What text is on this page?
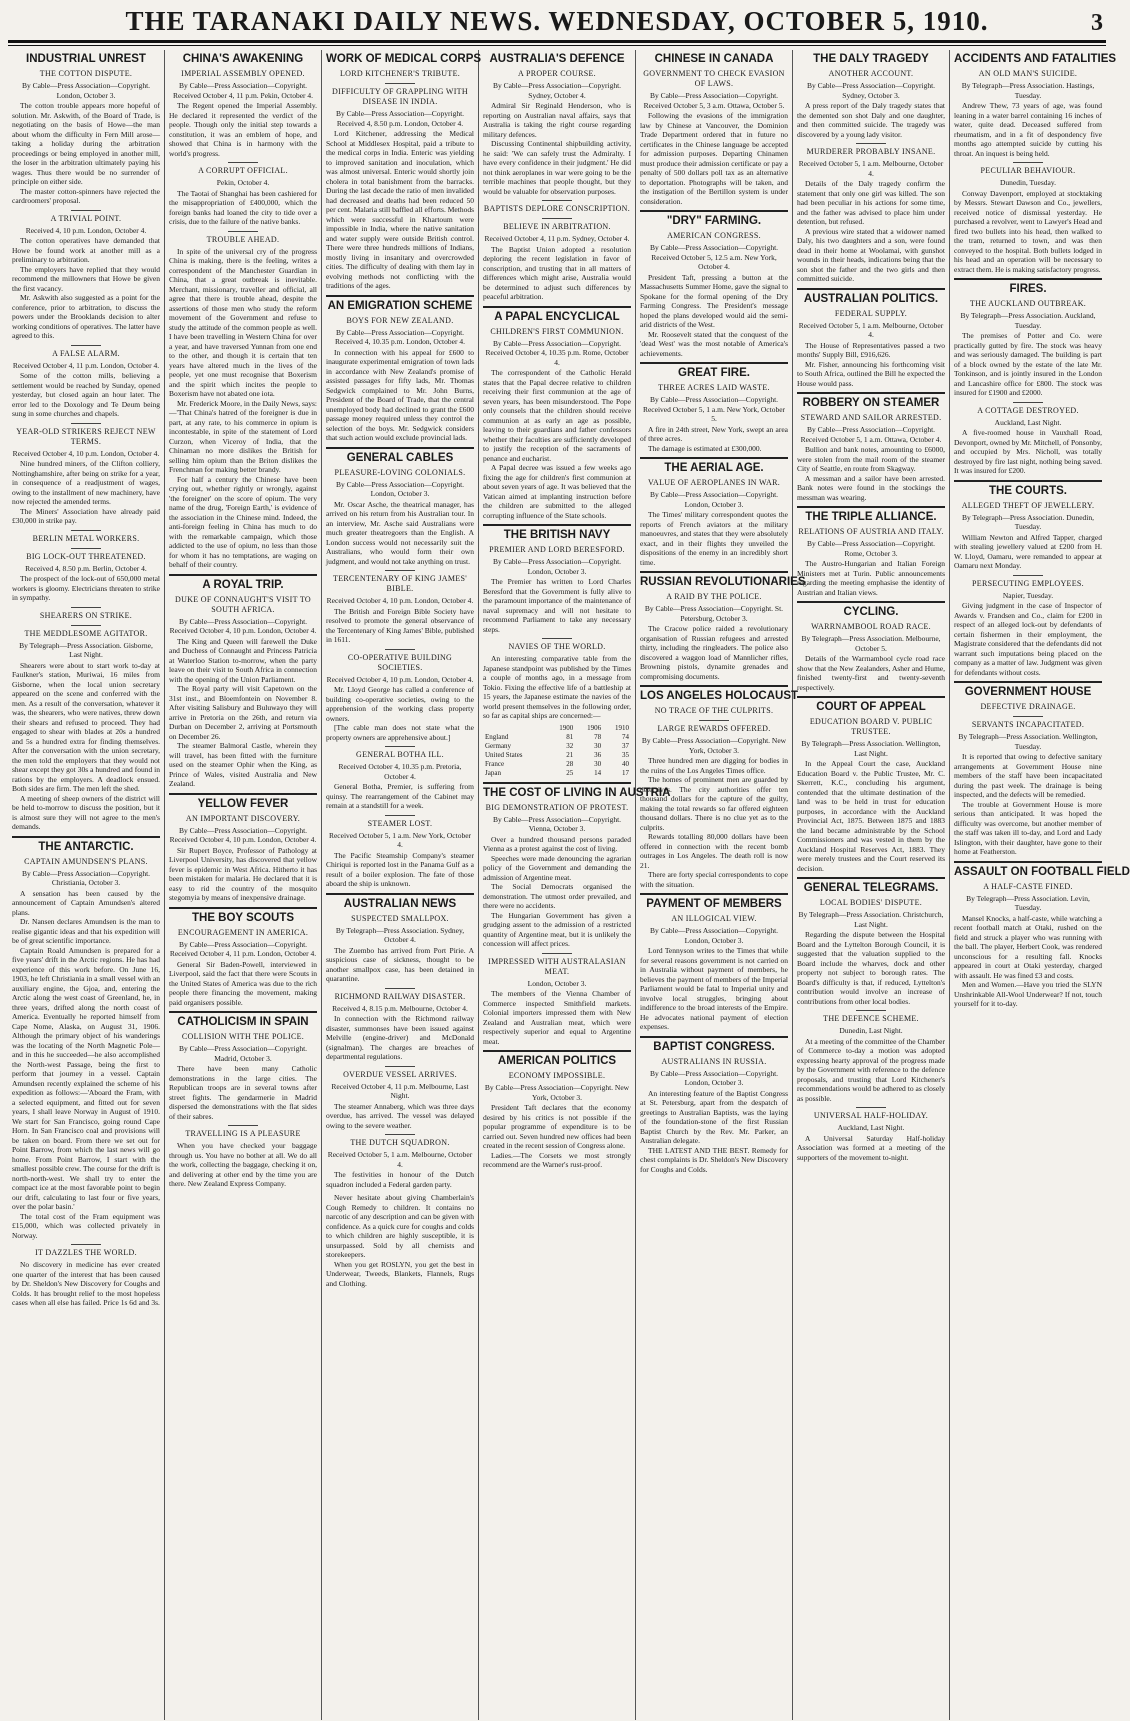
THE TARANAKI DAILY NEWS. WEDNESDAY, OCTOBER 5, 1910.	3
INDUSTRIAL UNREST
THE COTTON DISPUTE.
By Cable—Press Association—Copyright. London, October 3.

The cotton trouble appears more hopeful of solution. Mr. Askwith, of the Board of Trade, is negotiating on the basis of Howe—the man about whom the difficulty in Fern Mill arose—taking a holiday during the arbitration proceedings or being employed in another mill, the loser in the arbitration ultimately paying his wages. Thus there would be no surrender of principle on either side.

The master cotton-spinners have rejected the cardroomers' proposal.

A TRIVIAL POINT.
Received 4, 10 p.m. London, October 4.

The cotton operatives have demanded that Howe be found work at another mill as a preliminary to arbitration.

The employers have replied that they would recommend the millowners that Howe be given the first vacancy.

Mr. Askwith also suggested as a point for the conference, prior to arbitration, to discuss the powers under the Brooklands decision to alter working conditions of operatives. The latter have agreed to this.

A FALSE ALARM.
Received October 4, 11 p.m. London, October 4.

Some of the cotton mills, believing a settlement would be reached by Sunday, opened yesterday, but closed again an hour later. The error led to the Doxology and Te Deum being sung in some churches and chapels.

YEAR-OLD STRIKERS REJECT NEW TERMS.
Received October 4, 10 p.m. London, October 4.

Nine hundred miners, of the Clifton colliery, Nottinghamshire, after being on strike for a year, in consequence of a readjustment of wages, owing to the installment of new machinery, have now rejected the amended terms.

The Miners' Association have already paid £30,000 in strike pay.

BERLIN METAL WORKERS.
BIG LOCK-OUT THREATENED.
Received 4, 8.50 p.m. Berlin, October 4.

The prospect of the lock-out of 650,000 metal workers is gloomy. Electricians threaten to strike in sympathy.

SHEARERS ON STRIKE.
THE MEDDLESOME AGITATOR.
By Telegraph—Press Association. Gisborne, Last Night.

Shearers were about to start work to-day at Faulkner's station, Muriwai, 16 miles from Gisborne, when the local union secretary appeared on the scene and conferred with the men. As a result of the conversation, whatever it was, the shearers, who were natives, threw down their shears and refused to proceed. They had engaged to shear with blades at 20s a hundred and 5s a hundred extra for finding themselves. After the conversation with the union secretary, the men told the employers that they would not shear except they got 30s a hundred and found in rations by the employers. A deadlock ensued. Both sides are firm. The men left the shed.

A meeting of sheep owners of the district will be held to-morrow to discuss the position, but it is almost sure they will not agree to the men's demands.

THE ANTARCTIC.
CAPTAIN AMUNDSEN'S PLANS.
By Cable—Press Association—Copyright. Christiania, October 3.

A sensation has been caused by the announcement of Captain Amundsen's altered plans.

Dr. Nansen declares Amundsen is the man to realise gigantic ideas and that his expedition will be of great scientific importance.

Captain Roald Amundsen is prepared for a five years' drift in the Arctic regions. He has had experience of this work before. On June 16, 1903, he left Christiania in a small vessel with an auxiliary engine, the Gjoa, and, entering the Arctic along the west coast of Greenland, he, in three years, drifted along the north coast of America. Eventually he reported himself from Cape Nome, Alaska, on August 31, 1906. Although the primary object of his wanderings was the locating of the North Magnetic Pole—and in this he succeeded—he also accomplished the North-west Passage, being the first to perform that journey in a vessel. Captain Amundsen recently explained the scheme of his expedition as follows:—'Aboard the Fram, with a selected equipment, and fitted out for seven years, I shall leave Norway in August of 1910. We start for San Francisco, going round Cape Horn. In San Francisco coal and provisions will be taken on board. From there we set out for Point Barrow, from which the last news will go home. From Point Barrow, I start with the smallest possible crew. The course for the drift is north-north-west. We shall try to enter the compact ice at the most favorable point to begin our drift, calculating to last four or five years, over the polar basin.'

The total cost of the Fram equipment was £15,000, which was collected privately in Norway.

IT DAZZLES THE WORLD.

No discovery in medicine has ever created one quarter of the interest that has been caused by Dr. Sheldon's New Discovery for Coughs and Colds. It has brought relief to the most hopeless cases when all else has failed. Price 1s 6d and 3s.

CHINA'S AWAKENING
IMPERIAL ASSEMBLY OPENED.
By Cable—Press Association—Copyright. Received October 4, 11 p.m. Pekin, October 4.

The Regent opened the Imperial Assembly. He declared it represented the verdict of the people. Though only the initial step towards a constitution, it was an emblem of hope, and showed that China is in harmony with the world's progress.

A CORRUPT OFFICIAL.
Pekin, October 4.

The Taotai of Shanghai has been cashiered for the misappropriation of £400,000, which the foreign banks had loaned the city to tide over a crisis, due to the failure of the native banks.

TROUBLE AHEAD.

In spite of the universal cry of the progress China is making, there is the feeling, writes a correspondent of the Manchester Guardian in China, that a great outbreak is inevitable. Merchant, missionary, traveller and official, all agree that there is trouble ahead, despite the assertions of those men who study the reform movement of the Government and refuse to study the attitude of the common people as well. I have been travelling in Western China for over a year, and have traversed Yunnan from one end to the other, and though it is certain that ten years have altered much in the lives of the people, yet one must recognise that Boxerism and the spirit which incites the people to Boxerism have not abated one iota.

Mr. Frederick Moore, in the Daily News, says:—'That China's hatred of the foreigner is due in part, at any rate, to his commerce in opium is incontestable, in spite of the statement of Lord Curzon, when Viceroy of India, that the Chinaman no more dislikes the British for selling him opium than the Briton dislikes the Frenchman for making better brandy.

For half a century the Chinese have been crying out, whether rightly or wrongly, against 'the foreigner' on the score of opium. The very name of the drug, 'Foreign Earth,' is evidence of the association in the Chinese mind. Indeed, the anti-foreign feeling in China has much to do with the remarkable campaign, which those addicted to the use of opium, no less than those for whom it has no temptations, are waging on behalf of their country.

A ROYAL TRIP.
DUKE OF CONNAUGHT'S VISIT TO SOUTH AFRICA.
By Cable—Press Association—Copyright. Received October 4, 10 p.m. London, October 4.

The King and Queen will farewell the Duke and Duchess of Connaught and Princess Patricia at Waterloo Station to-morrow, when the party leave on their visit to South Africa in connection with the opening of the Union Parliament.

The Royal party will visit Capetown on the 31st inst., and Bloemfontein on November 8. After visiting Salisbury and Buluwayo they will arrive in Pretoria on the 26th, and return via Durban on December 2, arriving at Portsmouth on December 26.

The steamer Balmoral Castle, wherein they will travel, has been fitted with the furniture used on the steamer Ophir when the King, as Prince of Wales, visited Australia and New Zealand.

YELLOW FEVER
AN IMPORTANT DISCOVERY.
By Cable—Press Association—Copyright. Received October 4, 10 p.m. London, October 4.

Sir Rupert Boyce, Professor of Pathology at Liverpool University, has discovered that yellow fever is epidemic in West Africa. Hitherto it has been mistaken for malaria. He declared that it is easy to rid the country of the mosquito stegomyia by means of inexpensive drainage.

THE BOY SCOUTS
ENCOURAGEMENT IN AMERICA.
By Cable—Press Association—Copyright. Received October 4, 11 p.m. London, October 4.

General Sir Baden-Powell, interviewed in Liverpool, said the fact that there were Scouts in the United States of America was due to the rich people there financing the movement, making paid organisers possible.

CATHOLICISM IN SPAIN
COLLISION WITH THE POLICE.
By Cable—Press Association—Copyright. Madrid, October 3.

There have been many Catholic demonstrations in the large cities. The Republican troops are in several towns after street fights. The gendarmerie in Madrid dispersed the demonstrations with the flat sides of their sabres.

TRAVELLING IS A PLEASURE

When you have checked your baggage through us. You have no bother at all. We do all the work, collecting the baggage, checking it on, and delivering at other end by the time you are there. New Zealand Express Company.

WORK OF MEDICAL CORPS
LORD KITCHENER'S TRIBUTE.
DIFFICULTY OF GRAPPLING WITH DISEASE IN INDIA.
By Cable—Press Association—Copyright. Received 4, 8.50 p.m. London, October 4.

Lord Kitchener, addressing the Medical School at Middlesex Hospital, paid a tribute to the medical corps in India. Enteric was yielding to improved sanitation and inoculation, which was almost universal. Enteric would shortly join cholera in total banishment from the barracks. During the last decade the ratio of men invalided had decreased and deaths had been reduced 50 per cent. Malaria still baffled all efforts. Methods which were successful in Khartoum were impossible in India, where the native sanitation and water supply were outside British control. There were three hundreds millions of Indians, mostly living in insanitary and overcrowded cities. The difficulty of dealing with them lay in evolving methods not conflicting with the traditions of the ages.

AN EMIGRATION SCHEME
BOYS FOR NEW ZEALAND.
By Cable—Press Association—Copyright. Received 4, 10.35 p.m. London, October 4.

In connection with his appeal for £600 to inaugurate experimental emigration of town lads in accordance with New Zealand's promise of assisted passages for fifty lads, Mr. Thomas Sedgwick complained to Mr. John Burns, President of the Board of Trade, that the central unemployed body had declined to grant the £600 passage money required unless they control the selection of the boys. Mr. Sedgwick considers that such action would exclude provincial lads.

GENERAL CABLES
PLEASURE-LOVING COLONIALS.
By Cable—Press Association—Copyright. London, October 3.

Mr. Oscar Asche, the theatrical manager, has arrived on his return from his Australian tour. In an interview, Mr. Asche said Australians were much greater theatregoers than the English. A London success would not necessarily suit the Australians, who would form their own judgment, and would not take anything on trust.

TERCENTENARY OF KING JAMES' BIBLE.
Received October 4, 10 p.m. London, October 4.

The British and Foreign Bible Society have resolved to promote the general observance of the Tercentenary of King James' Bible, published in 1611.

CO-OPERATIVE BUILDING SOCIETIES.
Received October 4, 10 p.m. London, October 4.

Mr. Lloyd George has called a conference of building co-operative societies, owing to the apprehension of the working class property owners.

[The cable man does not state what the property owners are apprehensive about.]

GENERAL BOTHA ILL.
Received October 4, 10.35 p.m. Pretoria, October 4.

General Botha, Premier, is suffering from quinsy. The rearrangement of the Cabinet may remain at a standstill for a week.

STEAMER LOST.
Received October 5, 1 a.m. New York, October 4.

The Pacific Steamship Company's steamer Chiriqui is reported lost in the Panama Gulf as a result of a boiler explosion. The fate of those aboard the ship is unknown.

AUSTRALIAN NEWS
SUSPECTED SMALLPOX.
By Telegraph—Press Association. Sydney, October 4.

The Zuembo has arrived from Port Pirie. A suspicious case of sickness, thought to be another smallpox case, has been detained in quarantine.

RICHMOND RAILWAY DISASTER.
Received 4, 8.15 p.m. Melbourne, October 4.

In connection with the Richmond railway disaster, summonses have been issued against Melville (engine-driver) and McDonald (signalman). The charges are breaches of departmental regulations.

OVERDUE VESSEL ARRIVES.
Received October 4, 11 p.m. Melbourne, Last Night.

The steamer Annaberg, which was three days overdue, has arrived. The vessel was delayed owing to the severe weather.

THE DUTCH SQUADRON.
Received October 5, 1 a.m. Melbourne, October 4.

The festivities in honour of the Dutch squadron included a Federal garden party.

Never hesitate about giving Chamberlain's Cough Remedy to children. It contains no narcotic of any description and can be given with confidence. As a quick cure for coughs and colds to which children are highly susceptible, it is unsurpassed. Sold by all chemists and storekeepers.

When you get ROSLYN, you get the best in Underwear, Tweeds, Blankets, Flannels, Rugs and Clothing.

AUSTRALIA'S DEFENCE
A PROPER COURSE.
By Cable—Press Association—Copyright. Sydney, October 4.

Admiral Sir Reginald Henderson, who is reporting on Australian naval affairs, says that Australia is taking the right course regarding military defences.

Discussing Continental shipbuilding activity, he said: 'We can safely trust the Admiralty. I have every confidence in their judgment.' He did not think aeroplanes in war were going to be the terrible machines that people thought, but they would be valuable for observation purposes.

BAPTISTS DEPLORE CONSCRIPTION.
BELIEVE IN ARBITRATION.
Received October 4, 11 p.m. Sydney, October 4.

The Baptist Union adopted a resolution deploring the recent legislation in favor of conscription, and trusting that in all matters of differences which might arise, Australia would be determined to adjust such differences by peaceful arbitration.

A PAPAL ENCYCLICAL
CHILDREN'S FIRST COMMUNION.
By Cable—Press Association—Copyright. Received October 4, 10.35 p.m. Rome, October 4.

The correspondent of the Catholic Herald states that the Papal decree relative to children receiving their first communion at the age of seven years, has been misunderstood. The Pope only counsels that the children should receive communion at as early an age as possible, leaving to their guardians and father confessors whether their faculties are sufficiently developed to justify the reception of the sacraments of penance and eucharist.

A Papal decree was issued a few weeks ago fixing the age for children's first communion at about seven years of age. It was believed that the Vatican aimed at implanting instruction before the children are submitted to the alleged corrupting influence of the State schools.

THE BRITISH NAVY
PREMIER AND LORD BERESFORD.
By Cable—Press Association—Copyright. London, October 3.

The Premier has written to Lord Charles Beresford that the Government is fully alive to the paramount importance of the maintenance of naval supremacy and will not hesitate to recommend Parliament to take any necessary steps.

NAVIES OF THE WORLD.

An interesting comparative table from the Japanese standpoint was published by the Times a couple of months ago, in a message from Tokio. Fixing the effective life of a battleship at 15 years, the Japanese estimate the navies of the world present themselves in the following order, so far as capital ships are concerned:—

	1900	1906	1910
England	81	78	74
Germany	32	30	37
United States	21	36	35
France	28	30	40
Japan	25	14	17
THE COST OF LIVING IN AUSTRIA
BIG DEMONSTRATION OF PROTEST.
By Cable—Press Association—Copyright. Vienna, October 3.

Over a hundred thousand persons paraded Vienna as a protest against the cost of living.

Speeches were made denouncing the agrarian policy of the Government and demanding the admission of Argentine meat.

The Social Democrats organised the demonstration. The utmost order prevailed, and there were no accidents.

The Hungarian Government has given a grudging assent to the admission of a restricted quantity of Argentine meat, but it is unlikely the concession will affect prices.

IMPRESSED WITH AUSTRALASIAN MEAT.
London, October 3.

The members of the Vienna Chamber of Commerce inspected Smithfield markets. Colonial importers impressed them with New Zealand and Australian meat, which were respectively superior and equal to Argentine meat.

AMERICAN POLITICS
ECONOMY IMPOSSIBLE.
By Cable—Press Association—Copyright. New York, October 3.

President Taft declares that the economy desired by his critics is not possible if the popular programme of expenditure is to be carried out. Seven hundred new offices had been created in the recent session of Congress alone.

Ladies.—The Corsets we most strongly recommend are the Warner's rust-proof.

CHINESE IN CANADA
GOVERNMENT TO CHECK EVASION OF LAWS.
By Cable—Press Association—Copyright. Received October 5, 3 a.m. Ottawa, October 5.

Following the evasions of the immigration law by Chinese at Vancouver, the Dominion Trade Department ordered that in future no certificates in the Chinese language be accepted for admission purposes. Departing Chinamen must produce their admission certificate or pay a penalty of 500 dollars poll tax as an alternative to deportation. Photographs will be taken, and the instigation of the Bertillon system is under consideration.

"DRY" FARMING.
AMERICAN CONGRESS.
By Cable—Press Association—Copyright. Received October 5, 12.5 a.m. New York, October 4.

President Taft, pressing a button at the Massachusetts Summer Home, gave the signal to Spokane for the formal opening of the Dry Farming Congress. The President's message hoped the plans developed would aid the semi-arid districts of the West.

Mr. Roosevelt stated that the conquest of the 'dead West' was the most notable of America's achievements.

GREAT FIRE.
THREE ACRES LAID WASTE.
By Cable—Press Association—Copyright. Received October 5, 1 a.m. New York, October 5.

A fire in 24th street, New York, swept an area of three acres.

The damage is estimated at £300,000.

THE AERIAL AGE.
VALUE OF AEROPLANES IN WAR.
By Cable—Press Association—Copyright. London, October 3.

The Times' military correspondent quotes the reports of French aviators at the military manoeuvres, and states that they were absolutely exact, and in their flights they unveiled the dispositions of the enemy in an incredibly short time.

RUSSIAN REVOLUTIONARIES
A RAID BY THE POLICE.
By Cable—Press Association—Copyright. St. Petersburg, October 3.

The Cracow police raided a revolutionary organisation of Russian refugees and arrested thirty, including the ringleaders. The police also discovered a waggon load of Mannlicher rifles, Browning pistols, dynamite grenades and compromising documents.

LOS ANGELES HOLOCAUST
NO TRACE OF THE CULPRITS.
LARGE REWARDS OFFERED.
By Cable—Press Association—Copyright. New York, October 3.

Three hundred men are digging for bodies in the ruins of the Los Angeles Times office.

The homes of prominent men are guarded by detectives. The city authorities offer ten thousand dollars for the capture of the guilty, making the total rewards so far offered eighteen thousand dollars. There is no clue yet as to the culprits.

Rewards totalling 80,000 dollars have been offered in connection with the recent bomb outrages in Los Angeles. The death roll is now 21.

There are forty special correspondents to cope with the situation.

PAYMENT OF MEMBERS
AN ILLOGICAL VIEW.
By Cable—Press Association—Copyright. London, October 3.

Lord Tennyson writes to the Times that while for several reasons government is not carried on in Australia without payment of members, he believes the payment of members of the Imperial Parliament would be fatal to Imperial unity and involve local struggles, bringing about indifference to the broad interests of the Empire. He advocates national payment of election expenses.

BAPTIST CONGRESS.
AUSTRALIANS IN RUSSIA.
By Cable—Press Association—Copyright. London, October 3.

An interesting feature of the Baptist Congress at St. Petersburg, apart from the despatch of greetings to Australian Baptists, was the laying of the foundation-stone of the first Russian Baptist Church by the Rev. Mr. Parker, an Australian delegate.

THE LATEST AND THE BEST. Remedy for chest complaints is Dr. Sheldon's New Discovery for Coughs and Colds.

THE DALY TRAGEDY
ANOTHER ACCOUNT.
By Cable—Press Association—Copyright. Sydney, October 3.

A press report of the Daly tragedy states that the demented son shot Daly and one daughter, and then committed suicide. The tragedy was discovered by a young lady visitor.

MURDERER PROBABLY INSANE.
Received October 5, 1 a.m. Melbourne, October 4.

Details of the Daly tragedy confirm the statement that only one girl was killed. The son had been peculiar in his actions for some time, and the father was advised to place him under detention, but refused.

A previous wire stated that a widower named Daly, his two daughters and a son, were found dead in their home at Woolamai, with gunshot wounds in their heads, indications being that the son shot the father and the two girls and then committed suicide.

AUSTRALIAN POLITICS.
FEDERAL SUPPLY.
Received October 5, 1 a.m. Melbourne, October 4.

The House of Representatives passed a two months' Supply Bill, £916,626.

Mr. Fisher, announcing his forthcoming visit to South Africa, outlined the Bill he expected the House would pass.

ROBBERY ON STEAMER
STEWARD AND SAILOR ARRESTED.
By Cable—Press Association—Copyright. Received October 5, 1 a.m. Ottawa, October 4.

Bullion and bank notes, amounting to £6000, were stolen from the mail room of the steamer City of Seattle, en route from Skagway.

A messman and a sailor have been arrested. Bank notes were found in the stockings the messman was wearing.

THE TRIPLE ALLIANCE.
RELATIONS OF AUSTRIA AND ITALY.
By Cable—Press Association—Copyright. Rome, October 3.

The Austro-Hungarian and Italian Foreign Ministers met at Turin. Public announcements regarding the meeting emphasise the identity of Austrian and Italian views.

CYCLING.
WARRNAMBOOL ROAD RACE.
By Telegraph—Press Association. Melbourne, October 5.

Details of the Warrnambool cycle road race show that the New Zealanders, Asher and Hume, finished twenty-first and twenty-seventh respectively.

COURT OF APPEAL
EDUCATION BOARD V. PUBLIC TRUSTEE.
By Telegraph—Press Association. Wellington, Last Night.

In the Appeal Court the case, Auckland Education Board v. the Public Trustee, Mr. C. Skerrett, K.C., concluding his argument, contended that the ultimate destination of the land was to be held in trust for education purposes, in accordance with the Auckland Provincial Act, 1875. Between 1875 and 1883 the land became administrable by the School Commissioners and was vested in them by the Auckland Hospital Reserves Act, 1883. They were merely trustees and the Court reserved its decision.

GENERAL TELEGRAMS.
LOCAL BODIES' DISPUTE.
By Telegraph—Press Association. Christchurch, Last Night.

Regarding the dispute between the Hospital Board and the Lyttelton Borough Council, it is suggested that the valuation supplied to the Board include the wharves, dock and other property not subject to borough rates. The Board's difficulty is that, if reduced, Lyttelton's contribution would involve an increase of contributions from other local bodies.

THE DEFENCE SCHEME.
Dunedin, Last Night.

At a meeting of the committee of the Chamber of Commerce to-day a motion was adopted expressing hearty approval of the progress made by the Government with reference to the defence proposals, and trusting that Lord Kitchener's recommendations would be adhered to as closely as possible.

UNIVERSAL HALF-HOLIDAY.
Auckland, Last Night.

A Universal Saturday Half-holiday Association was formed at a meeting of the supporters of the movement to-night.

ACCIDENTS AND FATALITIES
AN OLD MAN'S SUICIDE.
By Telegraph—Press Association. Hastings, Tuesday.

Andrew Thew, 73 years of age, was found leaning in a water barrel containing 16 inches of water, quite dead. Deceased suffered from rheumatism, and in a fit of despondency five months ago attempted suicide by cutting his throat. An inquest is being held.

PECULIAR BEHAVIOUR.
Dunedin, Tuesday.

Conway Davenport, employed at stocktaking by Messrs. Stewart Dawson and Co., jewellers, received notice of dismissal yesterday. He purchased a revolver, went to Lawyer's Head and fired two bullets into his head, then walked to the tram, returned to town, and was then conveyed to the hospital. Both bullets lodged in his head and an operation will be necessary to extract them. He is making satisfactory progress.

FIRES.
THE AUCKLAND OUTBREAK.
By Telegraph—Press Association. Auckland, Tuesday.

The premises of Potter and Co. were practically gutted by fire. The stock was heavy and was seriously damaged. The building is part of a block owned by the estate of the late Mr. Tonkinson, and is jointly insured in the London and Lancashire office for £800. The stock was insured for £1900 and £2000.

A COTTAGE DESTROYED.
Auckland, Last Night.

A five-roomed house in Vauxhall Road, Devonport, owned by Mr. Mitchell, of Ponsonby, and occupied by Mrs. Nicholl, was totally destroyed by fire last night, nothing being saved. It was insured for £200.

THE COURTS.
ALLEGED THEFT OF JEWELLERY.
By Telegraph—Press Association. Dunedin, Tuesday.

William Newton and Alfred Tapper, charged with stealing jewellery valued at £200 from H. W. Lloyd, Oamaru, were remanded to appear at Oamaru next Monday.

PERSECUTING EMPLOYEES.
Napier, Tuesday.

Giving judgment in the case of Inspector of Awards v. Frandsen and Co., claim for £200 in respect of an alleged lock-out by defendants of certain fishermen in their employment, the Magistrate considered that the defendants did not warrant such imputations being placed on the company as a matter of law. Judgment was given for defendants without costs.

GOVERNMENT HOUSE
DEFECTIVE DRAINAGE.
SERVANTS INCAPACITATED.
By Telegraph—Press Association. Wellington, Tuesday.

It is reported that owing to defective sanitary arrangements at Government House nine members of the staff have been incapacitated during the past week. The drainage is being inspected, and the defects will be remedied.

The trouble at Government House is more serious than anticipated. It was hoped the difficulty was overcome, but another member of the staff was taken ill to-day, and Lord and Lady Islington, with their daughter, have gone to their home at Featherston.

ASSAULT ON FOOTBALL FIELD
A HALF-CASTE FINED.
By Telegraph—Press Association. Levin, Tuesday.

Mansel Knocks, a half-caste, while watching a recent football match at Otaki, rushed on the field and struck a player who was running with the ball. The player, Herbert Cook, was rendered unconscious for a resulting fall. Knocks appeared in court at Otaki yesterday, charged with assault. He was fined £3 and costs.

Men and Women.—Have you tried the SLYN Unshrinkable All-Wool Underwear? If not, touch yourself for it to-day.
